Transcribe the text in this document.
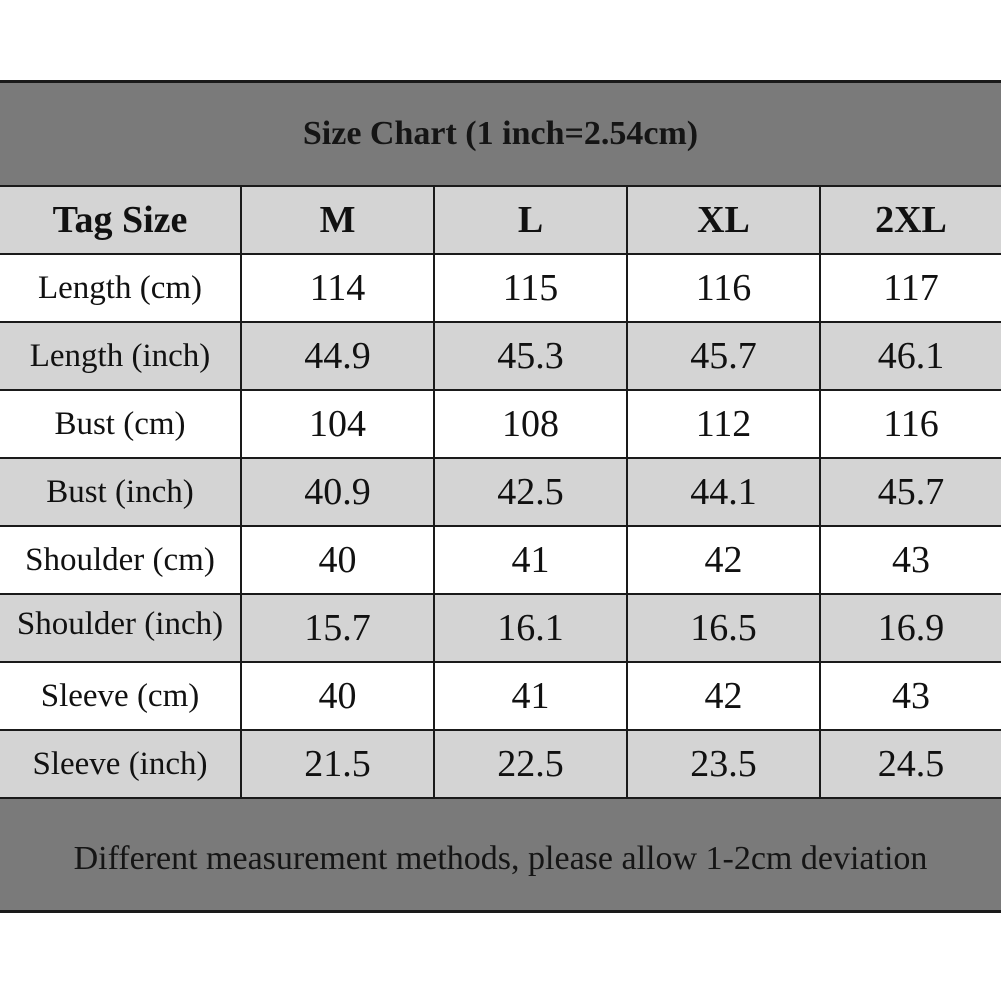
Size Chart (1 inch=2.54cm)
Tag Size	M	L	XL	2XL
Length (cm)	114	115	116	117
Length (inch)	44.9	45.3	45.7	46.1
Bust (cm)	104	108	112	116
Bust (inch)	40.9	42.5	44.1	45.7
Shoulder (cm)	40	41	42	43

Shoulder (inch)	15.7	16.1	16.5	16.9
Sleeve (cm)	40	41	42	43
Sleeve (inch)	21.5	22.5	23.5	24.5
Different measurement methods, please allow 1-2cm deviation
